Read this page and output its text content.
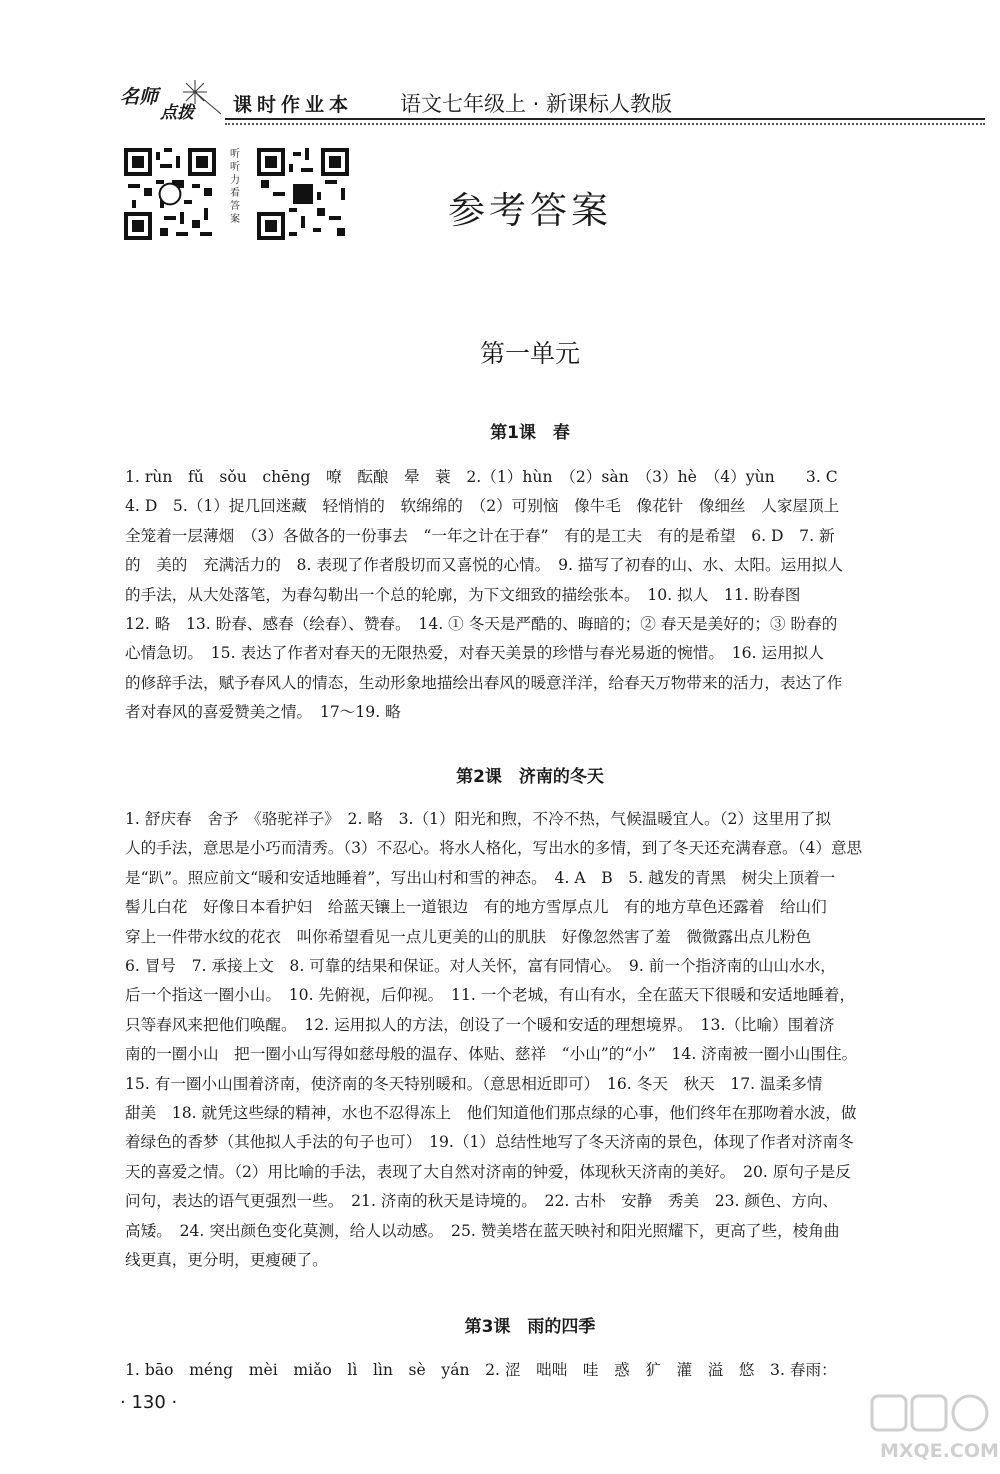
名师
点拨 课时作业本 语文七年级上 · 新课标人教版
听听力 看答案	参考答案
第一单元
第1课　春
1. rùn　fǔ　sǒu　chēng　嘹　酝酿　晕　蓑　2.（1）hùn　（2）sàn　（3）hè　（4）yùn　　3. C
4. D　5.（1）捉几回迷藏　轻悄悄的　软绵绵的　（2）可别恼　像牛毛　像花针　像细丝　人家屋顶上
全笼着一层薄烟　（3）各做各的一份事去　“一年之计在于春”　有的是工夫　有的是希望　6. D　7. 新
的　美的　充满活力的　8. 表现了作者殷切而又喜悦的心情。　9. 描写了初春的山、水、太阳。运用拟人
的手法，从大处落笔，为春勾勒出一个总的轮廓，为下文细致的描绘张本。　10. 拟人　11. 盼春图
12. 略　13. 盼春、感春（绘春）、赞春。　14. ① 冬天是严酷的、晦暗的；② 春天是美好的；③ 盼春的
心情急切。　15. 表达了作者对春天的无限热爱，对春天美景的珍惜与春光易逝的惋惜。　16. 运用拟人
的修辞手法，赋予春风人的情态，生动形象地描绘出春风的暖意洋洋，给春天万物带来的活力，表达了作
者对春风的喜爱赞美之情。　17～19. 略
第2课　济南的冬天
1. 舒庆春　舍予　《骆驼祥子》　2. 略　3.（1）阳光和煦，不冷不热，气候温暖宜人。（2）这里用了拟
人的手法，意思是小巧而清秀。（3）不忍心。将水人格化，写出水的多情，到了冬天还充满春意。（4）意思
是“趴”。照应前文“暖和安适地睡着”，写出山村和雪的神态。　4. A　B　5. 越发的青黑　树尖上顶着一
髻儿白花　好像日本看护妇　给蓝天镶上一道银边　有的地方雪厚点儿　有的地方草色还露着　给山们
穿上一件带水纹的花衣　叫你希望看见一点儿更美的山的肌肤　好像忽然害了羞　微微露出点儿粉色
6. 冒号　7. 承接上文　8. 可靠的结果和保证。对人关怀，富有同情心。　9. 前一个指济南的山山水水，
后一个指这一圈小山。　10. 先俯视，后仰视。　11. 一个老城，有山有水，全在蓝天下很暖和安适地睡着，
只等春风来把他们唤醒。　12. 运用拟人的方法，创设了一个暖和安适的理想境界。　13.（比喻）围着济
南的一圈小山　把一圈小山写得如慈母般的温存、体贴、慈祥　“小山”的“小”　14. 济南被一圈小山围住。
15. 有一圈小山围着济南，使济南的冬天特别暖和。（意思相近即可）　16. 冬天　秋天　17. 温柔多情
甜美　18. 就凭这些绿的精神，水也不忍得冻上　他们知道他们那点绿的心事，他们终年在那吻着水波，做
着绿色的香梦（其他拟人手法的句子也可）　19.（1）总结性地写了冬天济南的景色，体现了作者对济南冬
天的喜爱之情。（2）用比喻的手法，表现了大自然对济南的钟爱，体现秋天济南的美好。　20. 原句子是反
问句，表达的语气更强烈一些。　21. 济南的秋天是诗境的。　22. 古朴　安静　秀美　23. 颜色、方向、
高矮。　24. 突出颜色变化莫测，给人以动感。　25. 赞美塔在蓝天映衬和阳光照耀下，更高了些，棱角曲
线更真，更分明，更瘦硬了。
第3课　雨的四季
1. bāo　méng　mèi　miǎo　lì　lìn　sè　yán　2. 涩　咄咄　哇　惑　犷　灌　溢　悠　3. 春雨：
· 130 ·
MXQE.COM
